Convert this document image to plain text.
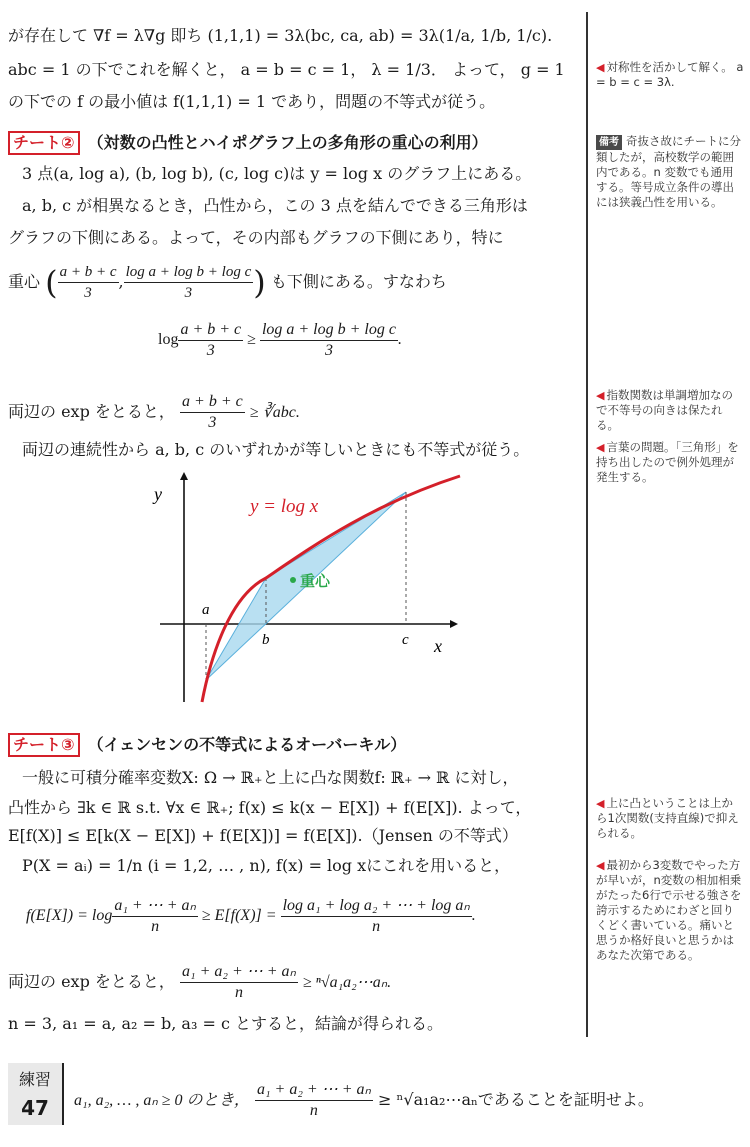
が存在して ∇f = λ∇g 即ち (1,1,1) = 3λ(bc, ca, ab) = 3λ(1/a, 1/b, 1/c).
abc = 1 の下でこれを解くと， a = b = c = 1， λ = 1/3． よって， g = 1
の下での f の最小値は f(1,1,1) = 1 であり，問題の不等式が従う。
◀ 対称性を活かして解く。 a = b = c = 3λ.
備考 奇抜さ故にチートに分類したが，高校数学の範囲内である。n 変数でも通用する。等号成立条件の導出には狭義凸性を用いる。
◀ 指数関数は単調増加なので不等号の向きは保たれる。
◀ 言葉の問題。「三角形」を持ち出したので例外処理が発生する。
◀ 上に凸ということは上から1次関数(支持直線)で抑えられる。
◀ 最初から3変数でやった方が早いが，n変数の相加相乗がたった6行で示せる強さを誇示するためにわざと回りくどく書いている。痛いと思うか格好良いと思うかはあなた次第である。
チート② （対数の凸性とハイポグラフ上の多角形の重心の利用）
3 点(a, log a), (b, log b), (c, log c)は y = log x のグラフ上にある。
a, b, c が相異なるとき，凸性から，この 3 点を結んでできる三角形は
グラフの下側にある。よって，その内部もグラフの下側にあり，特に
重心 ( $\frac{a + b + c}{3}$ , $\frac{\text{log a + log b + log c}}{3}$ ) も下側にある。すなわち
$\log \frac{a + b + c}{3} \ge \frac{\text{log a + log b + log c}}{3}$ .
両辺の exp をとると， $\frac{a + b + c}{3}$ ≥ ∛abc.
両辺の連続性から a, b, c のいずれかが等しいときにも不等式が従う。
重心
y = log x
y
x
a
b	c
チート③ （イェンセンの不等式によるオーバーキル）
一般に可積分確率変数X: Ω → ℝ₊と上に凸な関数f: ℝ₊ → ℝ に対し，
凸性から ∃k ∈ ℝ s.t. ∀x ∈ ℝ₊; f(x) ≤ k(x − E[X]) + f(E[X]). よって，
E[f(X)] ≤ E[k(X − E[X]) + f(E[X])] = f(E[X]).（Jensen の不等式）
P(X = aᵢ) = 1/n (i = 1,2, … , n), f(x) = log xにこれを用いると，
$f(E[X]) = \log \frac{\text{a₁ + ⋯ + aₙ}}{n} \ge E[f(X)] = \frac{\text{log a₁ + log a₂ + ⋯ + log aₙ}}{n}$ .
両辺の exp をとると， $\frac{\text{a₁ + a₂ + ⋯ + aₙ}}{n}$ ≥ ⁿ√a₁a₂⋯aₙ.
n = 3, a₁ = a, a₂ = b, a₃ = c とすると，結論が得られる。
練習
47	a₁, a₂, … , aₙ ≥ 0 のとき， $\frac{\text{a₁ + a₂ + ⋯ + aₙ}}{n}$ ≥ ⁿ√a₁a₂⋯aₙであることを証明せよ。
